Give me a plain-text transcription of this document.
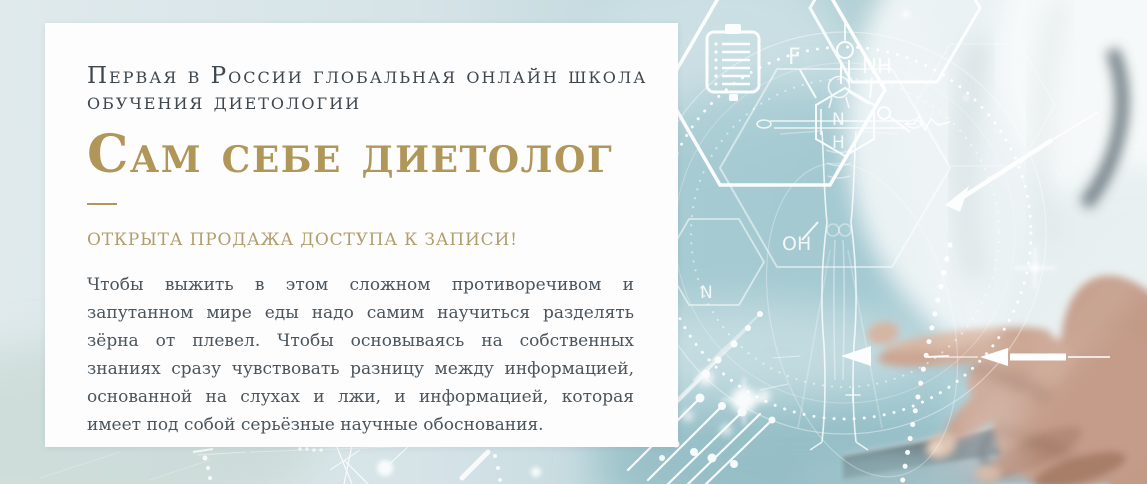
F	NH
N
H
OH
N
Первая в России глобальная онлайн школа
обучения диетологии
Сам себе диетолог
ОТКРЫТА ПРОДАЖА ДОСТУПА К ЗАПИСИ!

Чтобы выжить в этом сложном противоречивом и запутанном мире еды надо самим научиться разделять зёрна от плевел. Чтобы основываясь на собственных знаниях сразу чувствовать разницу между информацией, основанной на слухах и лжи, и информацией, которая имеет под собой серьёзные научные обоснования.
